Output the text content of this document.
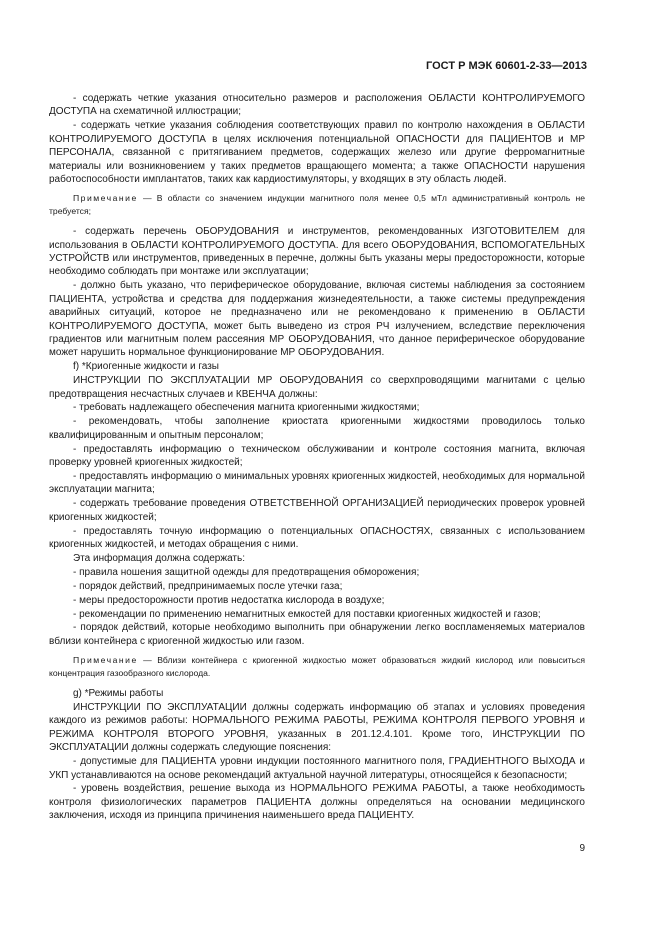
ГОСТ Р МЭК 60601-2-33—2013

- содержать четкие указания относительно размеров и расположения ОБЛАСТИ КОНТРОЛИРУЕМОГО ДОСТУПА на схематичной иллюстрации;

- содержать четкие указания соблюдения соответствующих правил по контролю нахождения в ОБЛАСТИ КОНТРОЛИРУЕМОГО ДОСТУПА в целях исключения потенциальной ОПАСНОСТИ для ПАЦИЕНТОВ и МР ПЕРСОНАЛА, связанной с притягиванием предметов, содержащих железо или другие ферромагнитные материалы или возникновением у таких предметов вращающего момента; а также ОПАСНОСТИ нарушения работоспособности имплантатов, таких как кардиостимуляторы, у входящих в эту область людей.

Примечание — В области со значением индукции магнитного поля менее 0,5 мТл административный контроль не требуется;

- содержать перечень ОБОРУДОВАНИЯ и инструментов, рекомендованных ИЗГОТОВИТЕЛЕМ для использования в ОБЛАСТИ КОНТРОЛИРУЕМОГО ДОСТУПА. Для всего ОБОРУДОВАНИЯ, ВСПОМОГАТЕЛЬНЫХ УСТРОЙСТВ или инструментов, приведенных в перечне, должны быть указаны меры предосторожности, которые необходимо соблюдать при монтаже или эксплуатации;

- должно быть указано, что периферическое оборудование, включая системы наблюдения за состоянием ПАЦИЕНТА, устройства и средства для поддержания жизнедеятельности, а также системы предупреждения аварийных ситуаций, которое не предназначено или не рекомендовано к применению в ОБЛАСТИ КОНТРОЛИРУЕМОГО ДОСТУПА, может быть выведено из строя РЧ излучением, вследствие переключения градиентов или магнитным полем рассеяния МР ОБОРУДОВАНИЯ, что данное периферическое оборудование может нарушить нормальное функционирование МР ОБОРУДОВАНИЯ.

f) *Криогенные жидкости и газы

ИНСТРУКЦИИ ПО ЭКСПЛУАТАЦИИ МР ОБОРУДОВАНИЯ со сверхпроводящими магнитами с целью предотвращения несчастных случаев и КВЕНЧА должны:

- требовать надлежащего обеспечения магнита криогенными жидкостями;

- рекомендовать, чтобы заполнение криостата криогенными жидкостями проводилось только квалифицированным и опытным персоналом;

- предоставлять информацию о техническом обслуживании и контроле состояния магнита, включая проверку уровней криогенных жидкостей;

- предоставлять информацию о минимальных уровнях криогенных жидкостей, необходимых для нормальной эксплуатации магнита;

- содержать требование проведения ОТВЕТСТВЕННОЙ ОРГАНИЗАЦИЕЙ периодических проверок уровней криогенных жидкостей;

- предоставлять точную информацию о потенциальных ОПАСНОСТЯХ, связанных с использованием криогенных жидкостей, и методах обращения с ними.

Эта информация должна содержать:

- правила ношения защитной одежды для предотвращения обморожения;

- порядок действий, предпринимаемых после утечки газа;

- меры предосторожности против недостатка кислорода в воздухе;

- рекомендации по применению немагнитных емкостей для поставки криогенных жидкостей и газов;

- порядок действий, которые необходимо выполнить при обнаружении легко воспламеняемых материалов вблизи контейнера с криогенной жидкостью или газом.

Примечание — Вблизи контейнера с криогенной жидкостью может образоваться жидкий кислород или повыситься концентрация газообразного кислорода.

g) *Режимы работы

ИНСТРУКЦИИ ПО ЭКСПЛУАТАЦИИ должны содержать информацию об этапах и условиях проведения каждого из режимов работы: НОРМАЛЬНОГО РЕЖИМА РАБОТЫ, РЕЖИМА КОНТРОЛЯ ПЕРВОГО УРОВНЯ и РЕЖИМА КОНТРОЛЯ ВТОРОГО УРОВНЯ, указанных в 201.12.4.101. Кроме того, ИНСТРУКЦИИ ПО ЭКСПЛУАТАЦИИ должны содержать следующие пояснения:

- допустимые для ПАЦИЕНТА уровни индукции постоянного магнитного поля, ГРАДИЕНТНОГО ВЫХОДА и УКП устанавливаются на основе рекомендаций актуальной научной литературы, относящейся к безопасности;

- уровень воздействия, решение выхода из НОРМАЛЬНОГО РЕЖИМА РАБОТЫ, а также необходимость контроля физиологических параметров ПАЦИЕНТА должны определяться на основании медицинского заключения, исходя из принципа причинения наименьшего вреда ПАЦИЕНТУ.

9
